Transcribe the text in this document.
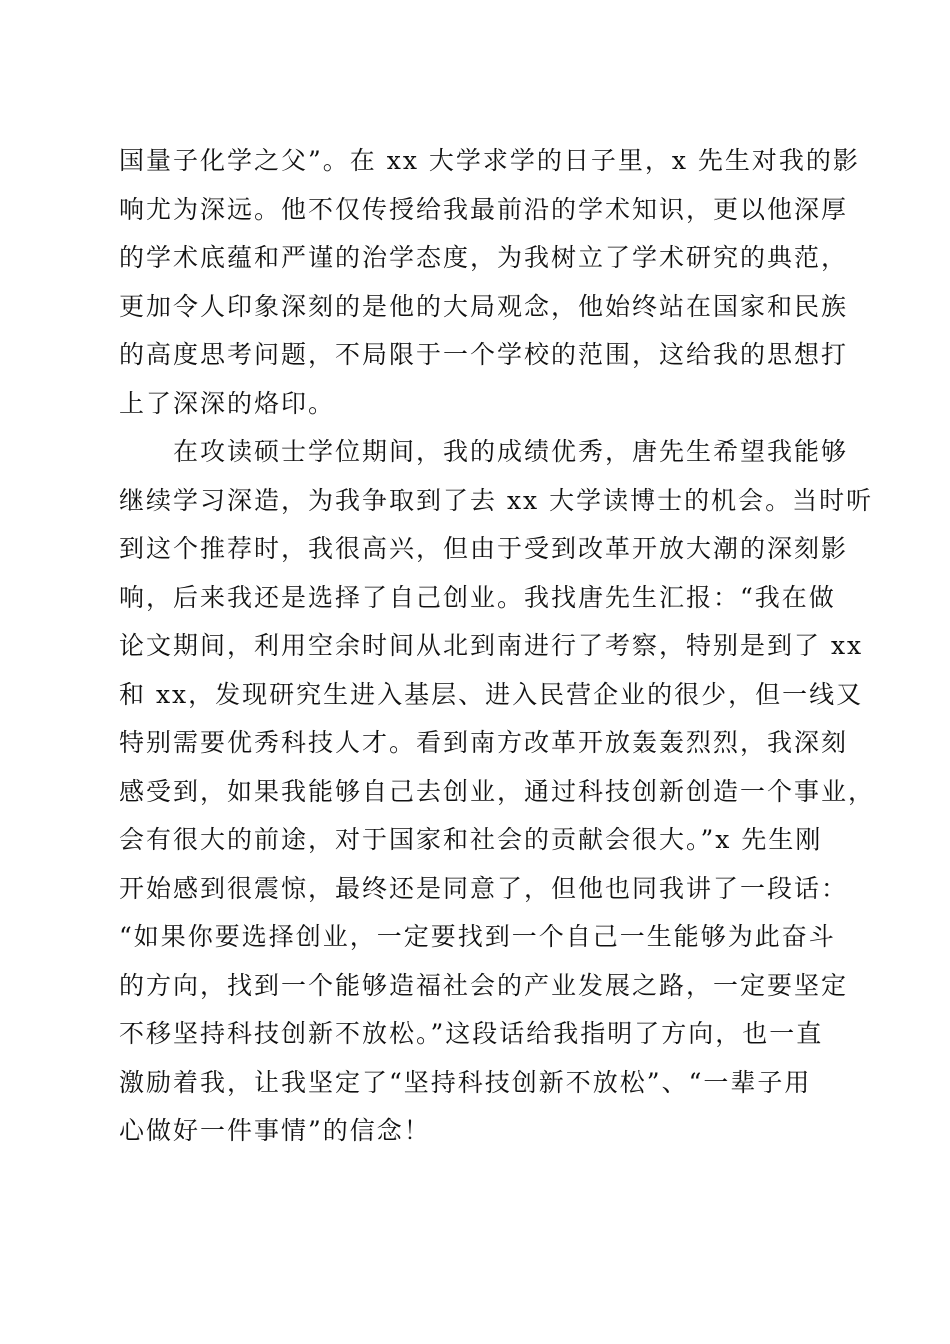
国量子化学之父”。在 xx 大学求学的日子里，x 先生对我的影
响尤为深远。他不仅传授给我最前沿的学术知识，更以他深厚
的学术底蕴和严谨的治学态度，为我树立了学术研究的典范，
更加令人印象深刻的是他的大局观念，他始终站在国家和民族
的高度思考问题，不局限于一个学校的范围，这给我的思想打
上了深深的烙印。
在攻读硕士学位期间，我的成绩优秀，唐先生希望我能够
继续学习深造，为我争取到了去 xx 大学读博士的机会。当时听
到这个推荐时，我很高兴，但由于受到改革开放大潮的深刻影
响，后来我还是选择了自己创业。我找唐先生汇报：“我在做
论文期间，利用空余时间从北到南进行了考察，特别是到了 xx
和 xx，发现研究生进入基层、进入民营企业的很少，但一线又
特别需要优秀科技人才。看到南方改革开放轰轰烈烈，我深刻
感受到，如果我能够自己去创业，通过科技创新创造一个事业，
会有很大的前途，对于国家和社会的贡献会很大。”x 先生刚
开始感到很震惊，最终还是同意了，但他也同我讲了一段话：
“如果你要选择创业，一定要找到一个自己一生能够为此奋斗
的方向，找到一个能够造福社会的产业发展之路，一定要坚定
不移坚持科技创新不放松。”这段话给我指明了方向，也一直
激励着我，让我坚定了“坚持科技创新不放松”、“一辈子用
心做好一件事情”的信念！
